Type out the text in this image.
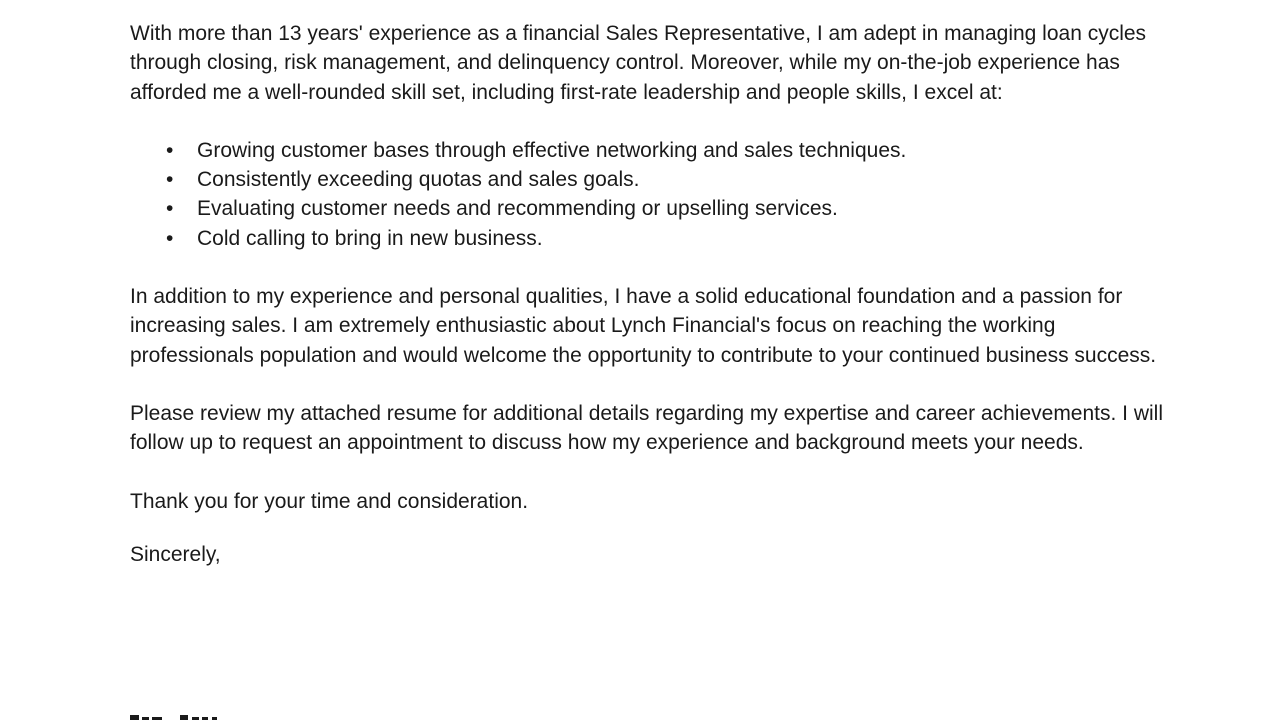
With more than 13 years' experience as a financial Sales Representative, I am adept in managing loan cycles through closing, risk management, and delinquency control. Moreover, while my on-the-job experience has afforded me a well-rounded skill set, including first-rate leadership and people skills, I excel at:

• Growing customer bases through effective networking and sales techniques.
• Consistently exceeding quotas and sales goals.
• Evaluating customer needs and recommending or upselling services.
• Cold calling to bring in new business.

In addition to my experience and personal qualities, I have a solid educational foundation and a passion for increasing sales. I am extremely enthusiastic about Lynch Financial's focus on reaching the working professionals population and would welcome the opportunity to contribute to your continued business success.

Please review my attached resume for additional details regarding my expertise and career achievements. I will follow up to request an appointment to discuss how my experience and background meets your needs.

Thank you for your time and consideration.

Sincerely,
